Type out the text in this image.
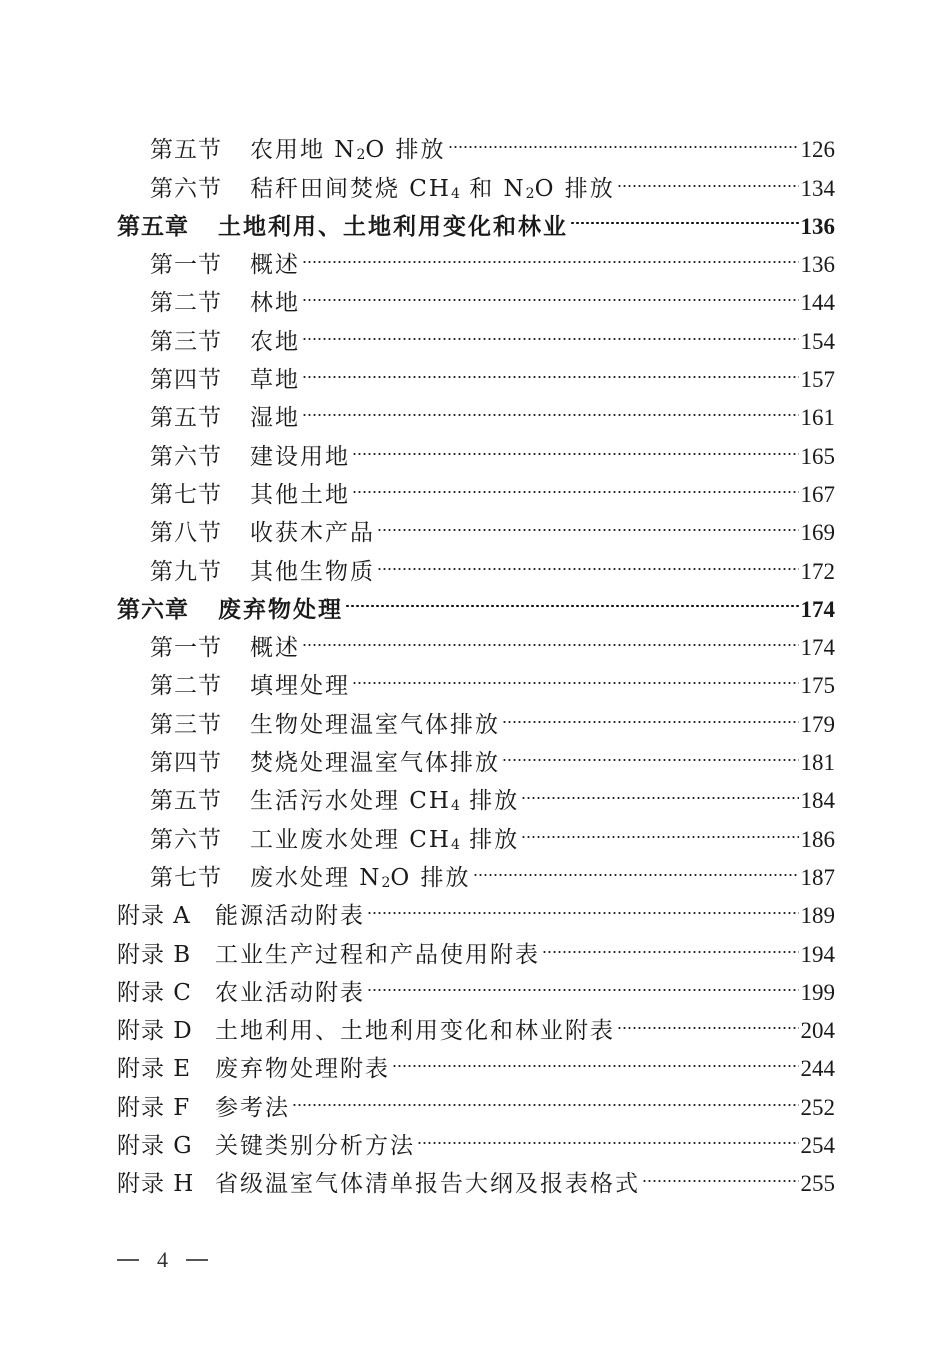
第五节	农用地 $N_2O$ 排放	126
第六节	秸秆田间焚烧 $CH_4$ 和 $N_2O$ 排放	134
第五章	土地利用、土地利用变化和林业	136
第一节	概述	136
第二节	林地	144
第三节	农地	154
第四节	草地	157
第五节	湿地	161
第六节	建设用地	165
第七节	其他土地	167
第八节	收获木产品	169
第九节	其他生物质	172
第六章	废弃物处理	174
第一节	概述	174
第二节	填埋处理	175
第三节	生物处理温室气体排放	179
第四节	焚烧处理温室气体排放	181
第五节	生活污水处理 $CH_4$ 排放	184
第六节	工业废水处理 $CH_4$ 排放	186
第七节	废水处理 $N_2O$ 排放	187
附录 A	能源活动附表	189
附录 B	工业生产过程和产品使用附表	194
附录 C	农业活动附表	199
附录 D 土地利用、土地利用变化和林业附表	204
附录 E	废弃物处理附表	244
附录 F	参考法	252
附录 G 关键类别分析方法	254
附录 H 省级温室气体清单报告大纲及报表格式	255
4
